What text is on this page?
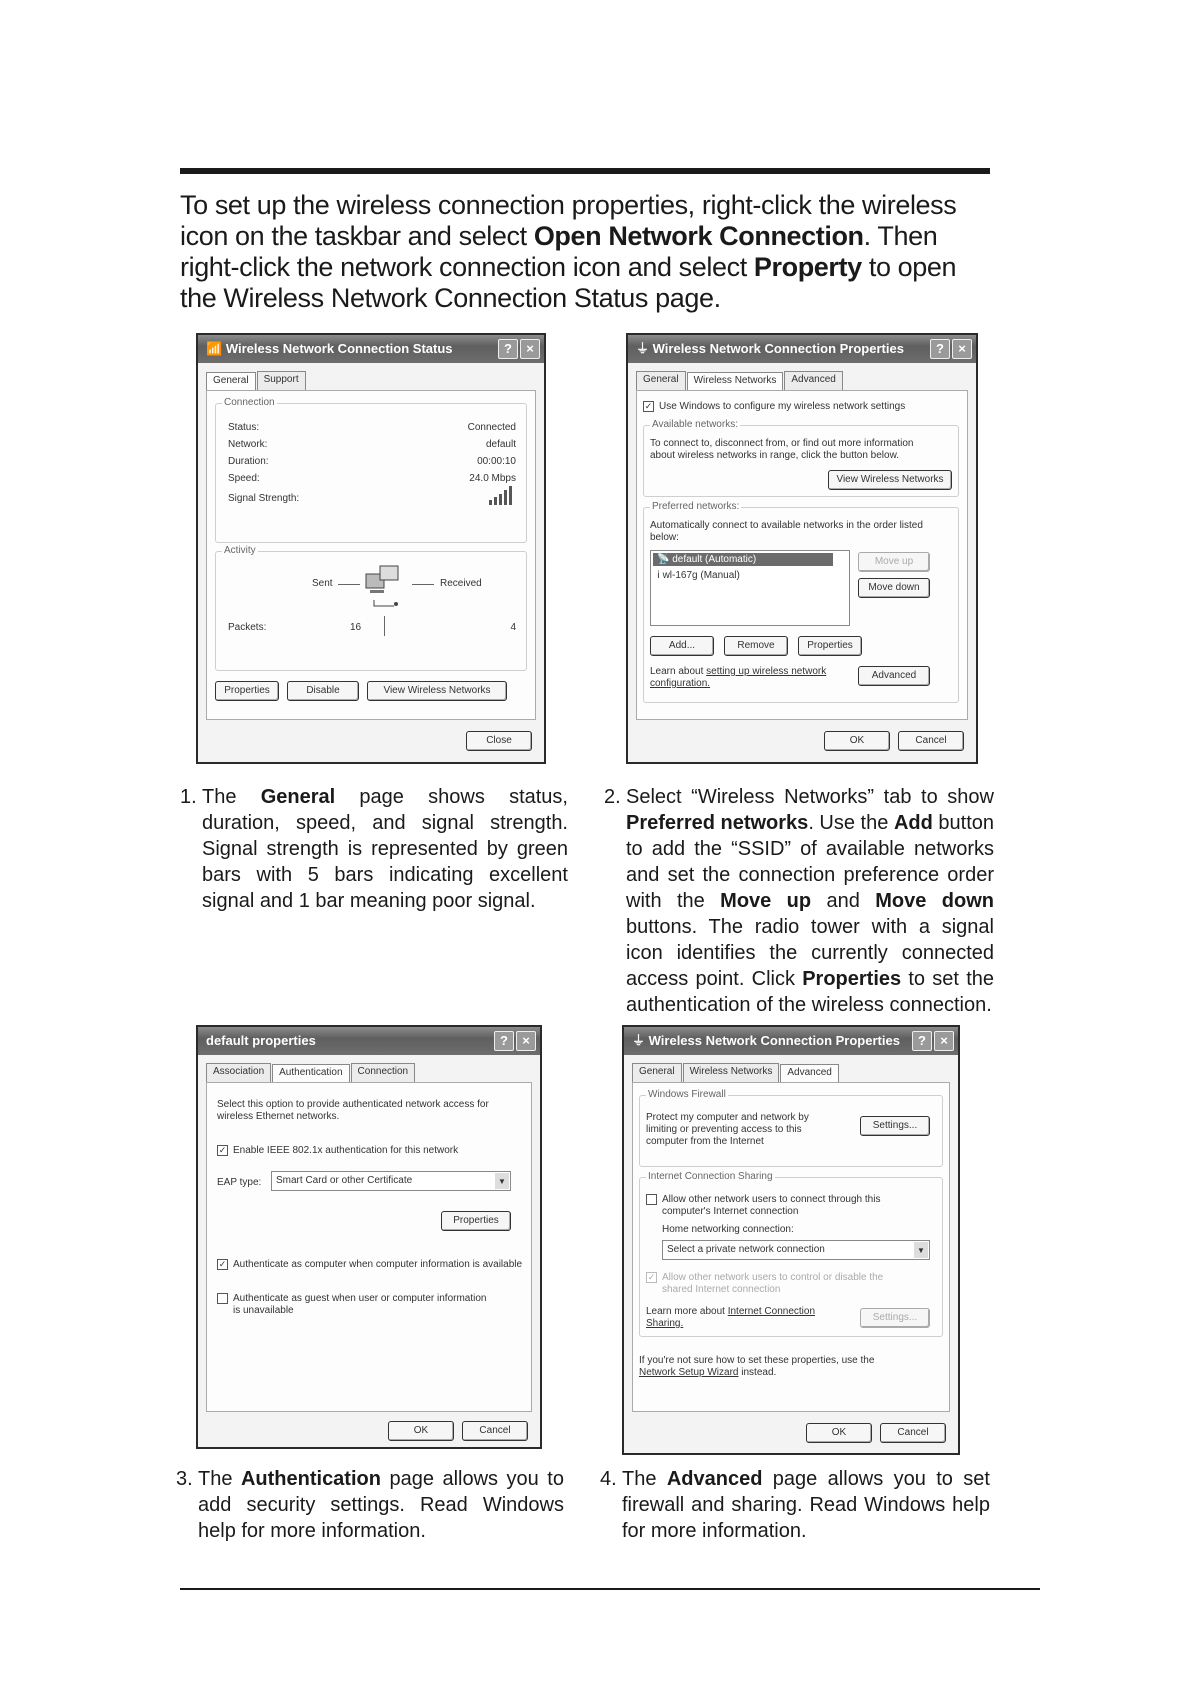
To set up the wireless connection properties, right-click the wireless icon on the taskbar and select Open Network Connection. Then right-click the network connection icon and select Property to open the Wireless Network Connection Status page.
📶 Wireless Network Connection Status	?	×
General	Support
Connection
Status:	Connected
Network:	default
Duration:	00:00:10
Speed:	24.0 Mbps
Signal Strength:
Activity
Sent	Received
Packets:	16	4
Properties	Disable	View Wireless Networks
Close
⏚ Wireless Network Connection Properties	?	×
General	Wireless Networks	Advanced
✓ Use Windows to configure my wireless network settings
Available networks:
To connect to, disconnect from, or find out more information about wireless networks in range, click the button below.
View Wireless Networks
Preferred networks:
Automatically connect to available networks in the order listed below:
📡 default (Automatic)
𝗂 wl-167g (Manual)
Move up
Move down
Add...	Remove	Properties
Learn about setting up wireless network configuration.
Advanced
OK	Cancel
1. The General page shows status, duration, speed, and signal strength. Signal strength is represented by green bars with 5 bars indicating excellent signal and 1 bar meaning poor signal.
2. Select “Wireless Networks” tab to show Preferred networks. Use the Add button to add the “SSID” of available networks and set the connection preference order with the Move up and Move down buttons. The radio tower with a signal icon identifies the currently connected access point. Click Properties to set the authentication of the wireless connection.
default properties	?	×
Association	Authentication	Connection
Select this option to provide authenticated network access for wireless Ethernet networks.
✓ Enable IEEE 802.1x authentication for this network
EAP type:	Smart Card or other Certificate	▼
Properties
✓ Authenticate as computer when computer information is available
Authenticate as guest when user or computer information is unavailable
OK	Cancel
⏚ Wireless Network Connection Properties	?	×
General	Wireless Networks	Advanced
Windows Firewall
Protect my computer and network by limiting or preventing access to this computer from the Internet
Settings...
Internet Connection Sharing
Allow other network users to connect through this computer's Internet connection
Home networking connection:
Select a private network connection	▼
✓ Allow other network users to control or disable the shared Internet connection
Learn more about Internet Connection Sharing.
Settings...
If you're not sure how to set these properties, use the Network Setup Wizard instead.
OK	Cancel
3. The Authentication page allows you to add security settings. Read Windows help for more information.
4. The Advanced page allows you to set firewall and sharing. Read Windows help for more information.
